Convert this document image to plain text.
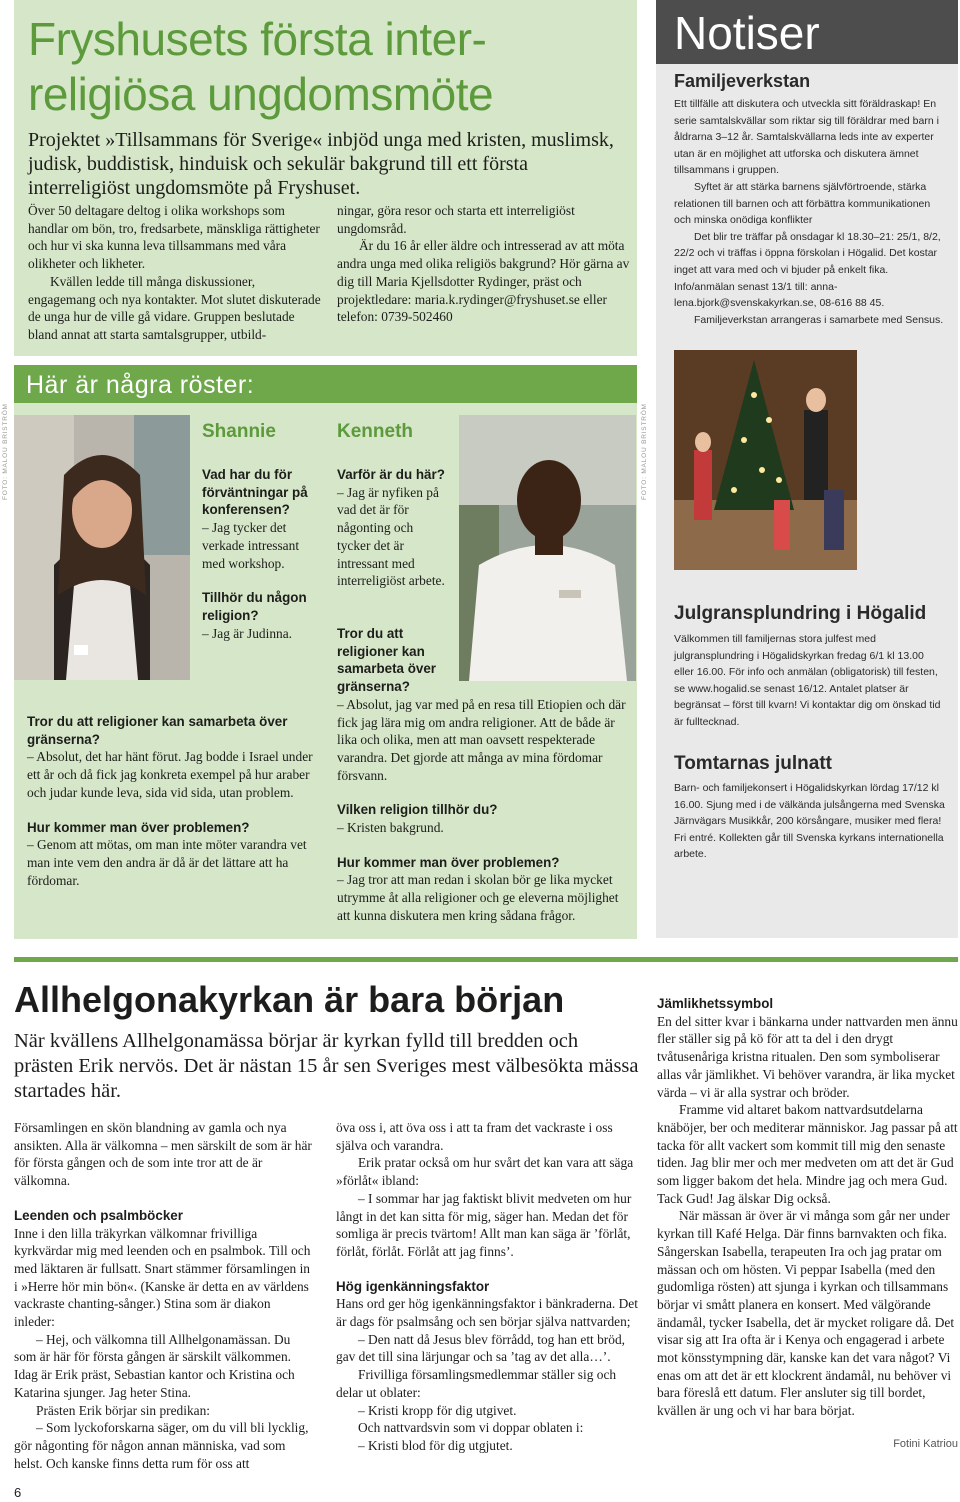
Fryshusets första inter-
religiösa ungdomsmöte
Projektet »Tillsammans för Sverige« inbjöd unga med kristen, muslimsk, judisk, buddistisk, hinduisk och sekulär bakgrund till ett första interreligiöst ungdomsmöte på Fryshuset.

Över 50 deltagare deltog i olika workshops som handlar om bön, tro, fredsarbete, mänskliga rättigheter och hur vi ska kunna leva tillsammans med våra olikheter och likheter.

Kvällen ledde till många diskussioner, engagemang och nya kontakter. Mot slutet diskuterade de unga hur de ville gå vidare. Gruppen beslutade bland annat att starta samtalsgrupper, utbild-

ningar, göra resor och starta ett interreligiöst ungdomsråd.

Är du 16 år eller äldre och intresserad av att möta andra unga med olika religiös bakgrund? Hör gärna av dig till Maria Kjellsdotter Rydinger, präst och projektledare: maria.k.rydinger@fryshuset.se eller telefon: 0739-502460

Här är några röster:
FOTO: MALOU BRISTRÖM	Shannie
Vad har du för förväntningar på konferensen?
– Jag tycker det verkade intressant med workshop.
Tillhör du någon religion?
– Jag är Judinna.
Tror du att religioner kan samarbeta över gränserna?
– Absolut, det har hänt förut. Jag bodde i Israel under ett år och då fick jag konkreta exempel på hur araber och judar kunde leva, sida vid sida, utan problem.
Hur kommer man över problemen?
– Genom att mötas, om man inte möter varandra vet man inte vem den andra är då är det lättare att ha fördomar.
FOTO: MALOU BRISTRÖM
Kenneth
Varför är du här?
– Jag är nyfiken på vad det är för någonting och tycker det är intressant med interreligiöst arbete.
Tror du att religioner kan samarbeta över gränserna?
– Absolut, jag var med på en resa till Etiopien och där fick jag lära mig om andra religioner. Att de både är lika och olika, men att man oavsett respekterade varandra. Det gjorde att många av mina fördomar försvann.
Vilken religion tillhör du?
– Kristen bakgrund.
Hur kommer man över problemen?
– Jag tror att man redan i skolan bör ge lika mycket utrymme åt alla religioner och ge eleverna möjlighet att kunna diskutera men kring sådana frågor.
Notiser
Familjeverkstan

Ett tillfälle att diskutera och utveckla sitt föräldraskap! En serie samtalskvällar som riktar sig till föräldrar med barn i åldrarna 3–12 år. Samtalskvällarna leds inte av experter utan är en möjlighet att utforska och diskutera ämnet tillsammans i gruppen.

Syftet är att stärka barnens självförtroende, stärka relationen till barnen och att förbättra kommunikationen och minska onödiga konflikter

Det blir tre träffar på onsdagar kl 18.30–21: 25/1, 8/2, 22/2 och vi träffas i öppna förskolan i Högalid. Det kostar inget att vara med och vi bjuder på enkelt fika. Info/anmälan senast 13/1 till: anna-lena.bjork@svenskakyrkan.se, 08-616 88 45.

Familjeverkstan arrangeras i samarbete med Sensus.

Julgransplundring i Högalid
Välkommen till familjernas stora julfest med julgransplundring i Högalidskyrkan fredag 6/1 kl 13.00 eller 16.00. För info och anmälan (obligatorisk) till festen, se www.hogalid.se senast 16/12. Antalet platser är begränsat – först till kvarn! Vi kontaktar dig om önskad tid är fulltecknad.
Tomtarnas julnatt
Barn- och familjekonsert i Högalidskyrkan lördag 17/12 kl 16.00. Sjung med i de välkända julsångerna med Svenska Järnvägars Musikkår, 200 körsångare, musiker med flera! Fri entré. Kollekten går till Svenska kyrkans internationella arbete.
Allhelgonakyrkan är bara början
När kvällens Allhelgonamässa börjar är kyrkan fylld till bredden och prästen Erik nervös. Det är nästan 15 år sen Sveriges mest välbesökta mässa startades här.

Församlingen en skön blandning av gamla och nya ansikten. Alla är välkomna – men särskilt de som är här för första gången och de som inte tror att de är välkomna.

Leenden och psalmböcker

Inne i den lilla träkyrkan välkomnar frivilliga kyrkvärdar mig med leenden och en psalmbok. Till och med läktaren är fullsatt. Snart stämmer församlingen in i »Herre hör min bön«. (Kanske är detta en av världens vackraste chanting-sånger.) Stina som är diakon inleder:

– Hej, och välkomna till Allhelgonamässan. Du som är här för första gången är särskilt välkommen. Idag är Erik präst, Sebastian kantor och Kristina och Katarina sjunger. Jag heter Stina.

Prästen Erik börjar sin predikan:

– Som lyckoforskarna säger, om du vill bli lycklig, gör någonting för någon annan människa, vad som helst. Och kanske finns detta rum för oss att

öva oss i, att öva oss i att ta fram det vackraste i oss själva och varandra.

Erik pratar också om hur svårt det kan vara att säga »förlåt« ibland:

– I sommar har jag faktiskt blivit medveten om hur långt in det kan sitta för mig, säger han. Medan det för somliga är precis tvärtom! Allt man kan säga är ’förlåt, förlåt, förlåt. Förlåt att jag finns’.

Hög igenkänningsfaktor

Hans ord ger hög igenkänningsfaktor i bänkraderna. Det är dags för psalmsång och sen börjar själva nattvarden;

– Den natt då Jesus blev förrådd, tog han ett bröd, gav det till sina lärjungar och sa ’tag av det alla…’.

Frivilliga församlingsmedlemmar ställer sig och delar ut oblater:

– Kristi kropp för dig utgivet.

Och nattvardsvin som vi doppar oblaten i:

– Kristi blod för dig utgjutet.

Jämlikhetssymbol

En del sitter kvar i bänkarna under nattvarden men ännu fler ställer sig på kö för att ta del i den drygt tvåtusenåriga kristna ritualen. Den som symboliserar allas vår jämlikhet. Vi behöver varandra, är lika mycket värda – vi är alla systrar och bröder.

Framme vid altaret bakom nattvardsutdelarna knäböjer, ber och mediterar människor. Jag passar på att tacka för allt vackert som kommit till mig den senaste tiden. Jag blir mer och mer medveten om att det är Gud som ligger bakom det hela. Mindre jag och mera Gud. Tack Gud! Jag älskar Dig också.

När mässan är över är vi många som går ner under kyrkan till Kafé Helga. Där finns barnvakten och fika. Sångerskan Isabella, terapeuten Ira och jag pratar om mässan och om hösten. Vi peppar Isabella (med den gudomliga rösten) att sjunga i kyrkan och tillsammans börjar vi smått planera en konsert. Med välgörande ändamål, tycker Isabella, det är mycket roligare då. Det visar sig att Ira ofta är i Kenya och engagerad i arbete mot könsstympning där, kanske kan det vara något? Vi enas om att det är ett klockrent ändamål, nu behöver vi bara föreslå ett datum. Fler ansluter sig till bordet, kvällen är ung och vi har bara börjat.

Fotini Katriou
6
